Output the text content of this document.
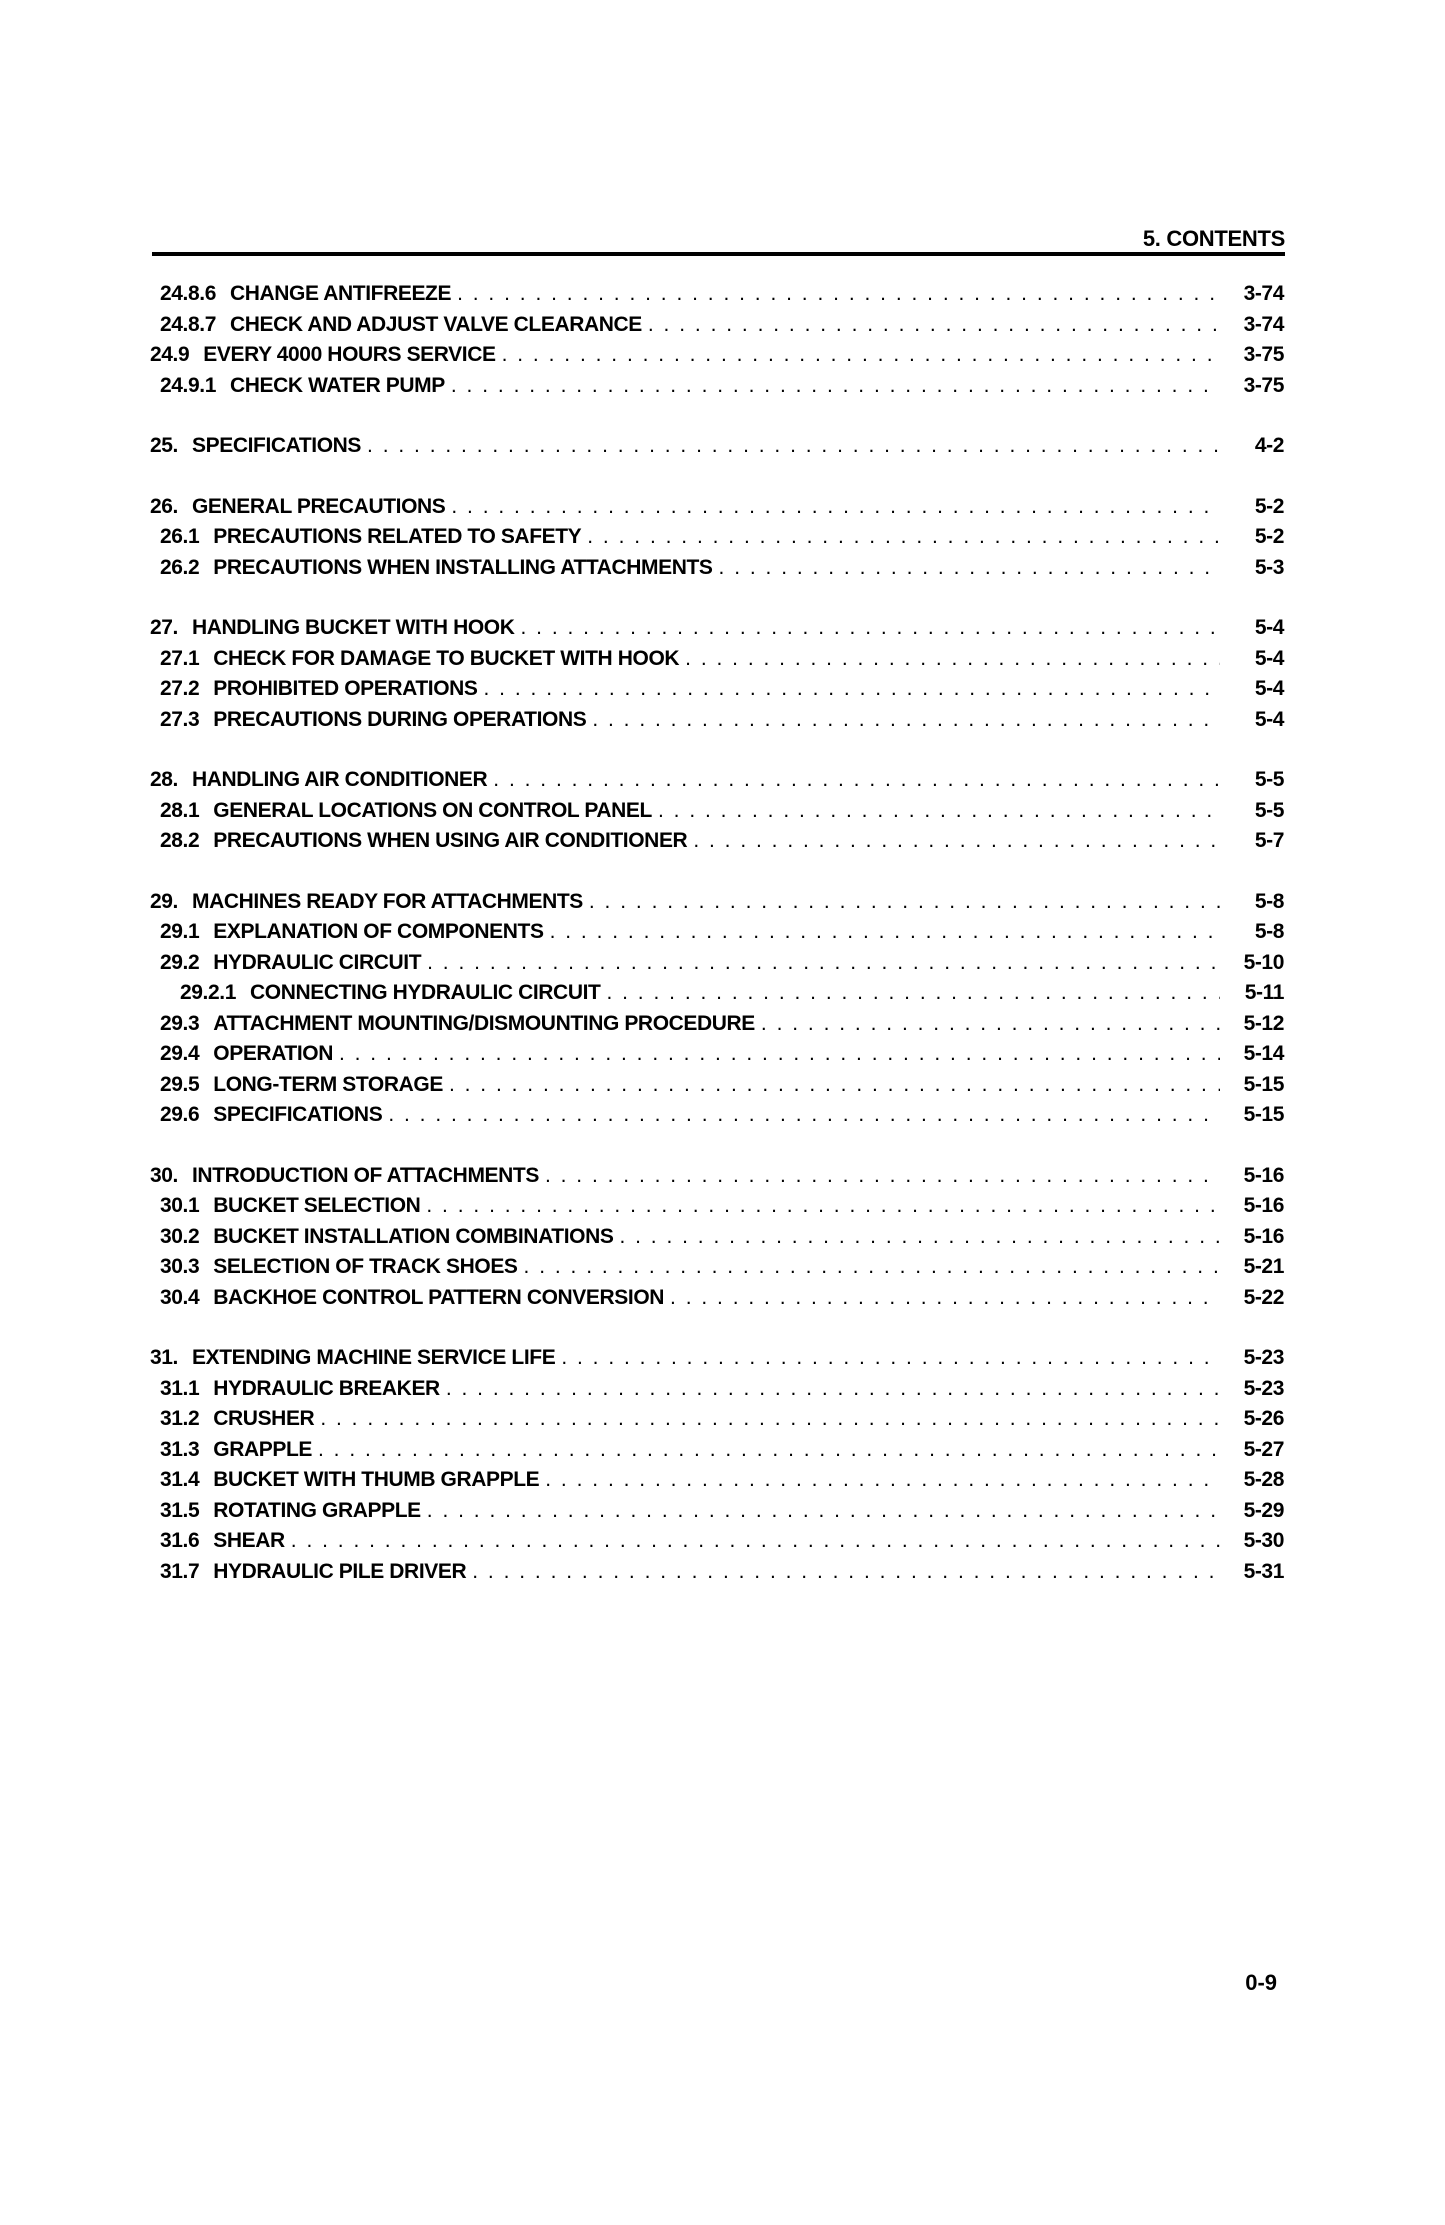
5. CONTENTS
24.8.6 CHANGE ANTIFREEZE . . .	3-74
24.8.7 CHECK AND ADJUST VALVE CLEARANCE . . .	3-74
24.9 EVERY 4000 HOURS SERVICE . . .	3-75
24.9.1 CHECK WATER PUMP . . .	3-75
25. SPECIFICATIONS . . .	4-2
26. GENERAL PRECAUTIONS . . .	5-2
26.1 PRECAUTIONS RELATED TO SAFETY . . .	5-2
26.2 PRECAUTIONS WHEN INSTALLING ATTACHMENTS . . .	5-3
27. HANDLING BUCKET WITH HOOK . . .	5-4
27.1 CHECK FOR DAMAGE TO BUCKET WITH HOOK . . .	5-4
27.2 PROHIBITED OPERATIONS . . .	5-4
27.3 PRECAUTIONS DURING OPERATIONS . . .	5-4
28. HANDLING AIR CONDITIONER . . .	5-5
28.1 GENERAL LOCATIONS ON CONTROL PANEL . . .	5-5
28.2 PRECAUTIONS WHEN USING AIR CONDITIONER . . .	5-7
29. MACHINES READY FOR ATTACHMENTS . . .	5-8
29.1 EXPLANATION OF COMPONENTS . . .	5-8
29.2 HYDRAULIC CIRCUIT . . .	5-10
29.2.1 CONNECTING HYDRAULIC CIRCUIT . . .	5-11
29.3 ATTACHMENT MOUNTING/DISMOUNTING PROCEDURE . . .	5-12
29.4 OPERATION . . .	5-14
29.5 LONG-TERM STORAGE . . .	5-15
29.6 SPECIFICATIONS . . .	5-15
30. INTRODUCTION OF ATTACHMENTS . . .	5-16
30.1 BUCKET SELECTION . . .	5-16
30.2 BUCKET INSTALLATION COMBINATIONS . . .	5-16
30.3 SELECTION OF TRACK SHOES . . .	5-21
30.4 BACKHOE CONTROL PATTERN CONVERSION . . .	5-22
31. EXTENDING MACHINE SERVICE LIFE . . .	5-23
31.1 HYDRAULIC BREAKER . . .	5-23
31.2 CRUSHER . . .	5-26
31.3 GRAPPLE . . .	5-27
31.4 BUCKET WITH THUMB GRAPPLE . . .	5-28
31.5 ROTATING GRAPPLE . . .	5-29
31.6 SHEAR . . .	5-30
31.7 HYDRAULIC PILE DRIVER . . .	5-31
0-9
